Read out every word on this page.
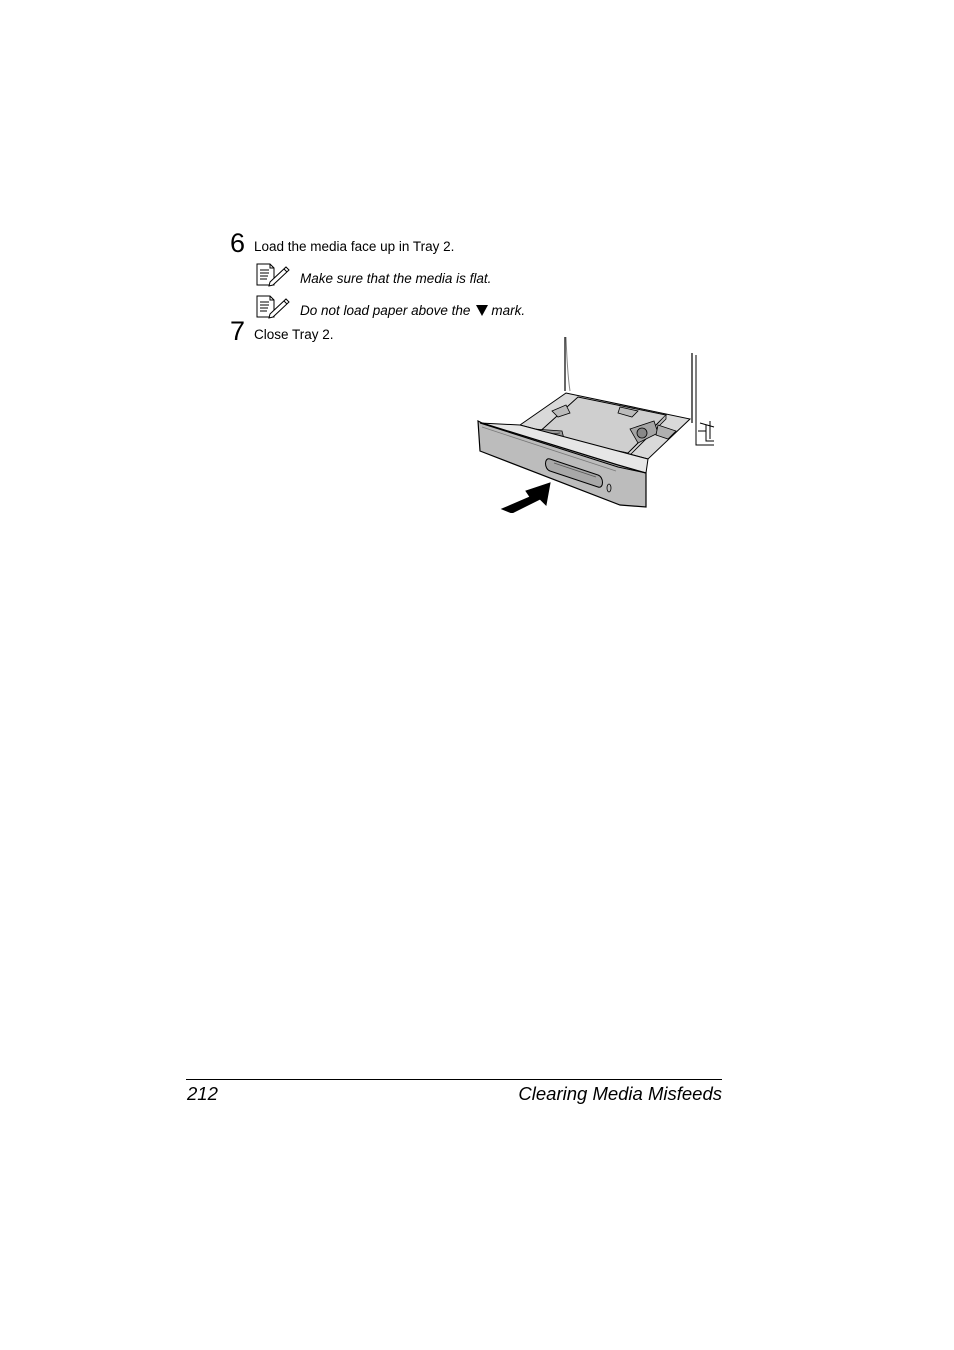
6 Load the media face up in Tray 2.
Make sure that the media is flat.
Do not load paper above the mark.
7 Close Tray 2.
212	Clearing Media Misfeeds
